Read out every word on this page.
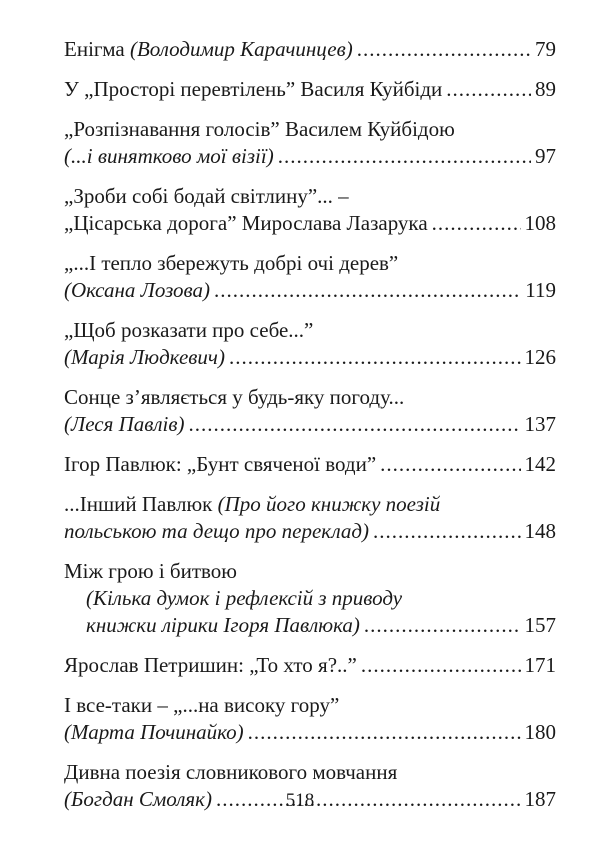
Енігма (Володимир Карачинцев) .....	79
У „Просторі перевтілень” Василя Куйбіди .....	89
„Розпізнавання голосів” Василем Куйбідою
(...і винятково мої візії) .....	97
„Зроби собі бодай світлину”... –
„Цісарська дорога” Мирослава Лазарука .....	108
„...І тепло збережуть добрі очі дерев”
(Оксана Лозова) .....	119
„Щоб розказати про себе...”
(Марія Людкевич) .....	126
Сонце з’являється у будь-яку погоду...
(Леся Павлів) .....	137
Ігор Павлюк: „Бунт свяченої води” .....	142
...Інший Павлюк (Про його книжку поезій
польською та дещо про переклад) .....	148
Між грою і битвою
(Кілька думок і рефлексій з приводу
книжки лірики Ігоря Павлюка) .....	157
Ярослав Петришин: „То хто я?..” .....	171
І все-таки – „...на високу гору”
(Марта Починайко) .....	180
Дивна поезія словникового мовчання
(Богдан Смоляк) .....	187
518
